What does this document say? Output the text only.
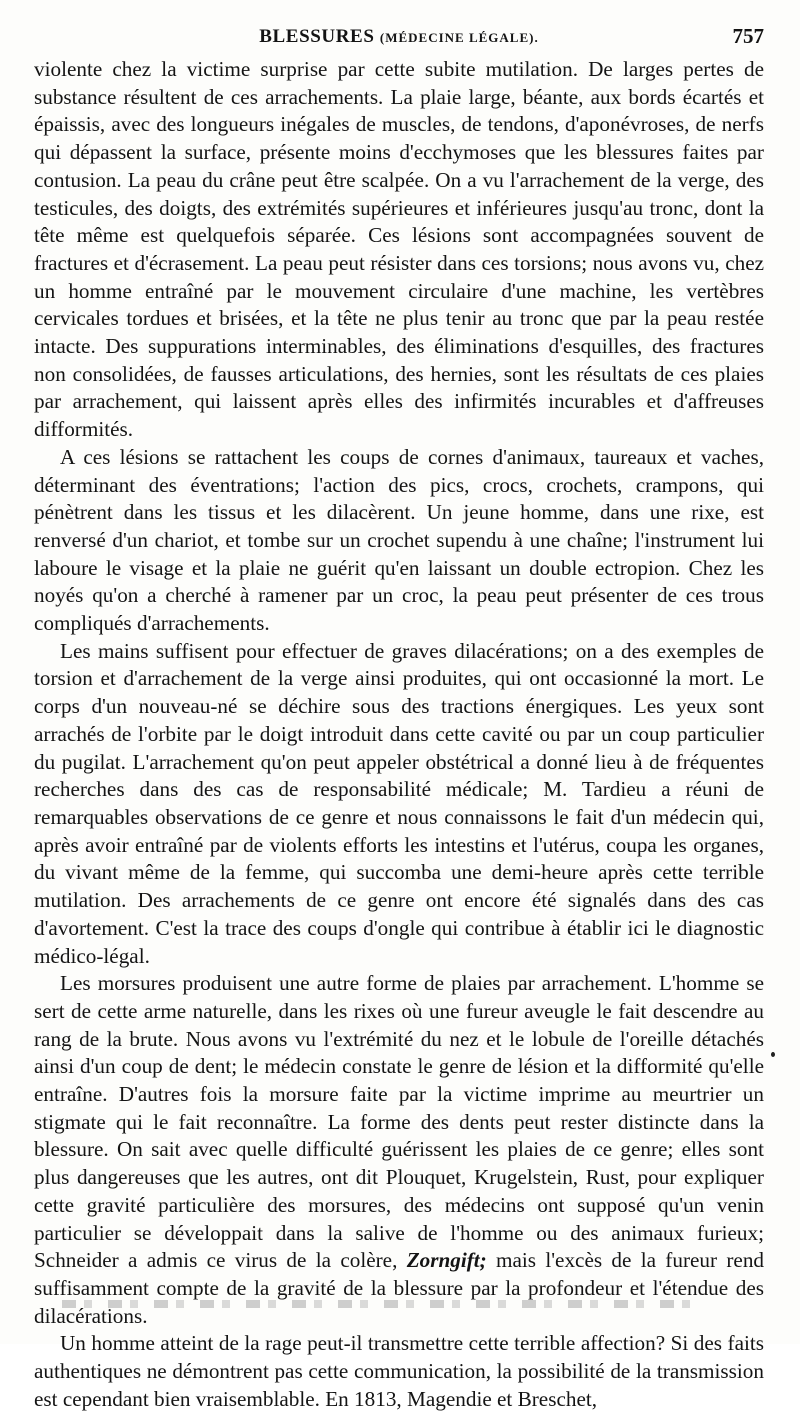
BLESSURES (MÉDECINE LÉGALE).	757

violente chez la victime surprise par cette subite mutilation. De larges pertes de substance résultent de ces arrachements. La plaie large, béante, aux bords écartés et épaissis, avec des longueurs inégales de muscles, de tendons, d'aponévroses, de nerfs qui dépassent la surface, présente moins d'ecchymoses que les blessures faites par contusion. La peau du crâne peut être scalpée. On a vu l'arrachement de la verge, des testicules, des doigts, des extrémités supérieures et inférieures jusqu'au tronc, dont la tête même est quelquefois séparée. Ces lésions sont accompagnées souvent de fractures et d'écrasement. La peau peut résister dans ces torsions; nous avons vu, chez un homme entraîné par le mouvement circulaire d'une machine, les vertèbres cervicales tordues et brisées, et la tête ne plus tenir au tronc que par la peau restée intacte. Des suppurations interminables, des éliminations d'esquilles, des fractures non consolidées, de fausses articulations, des hernies, sont les résultats de ces plaies par arrachement, qui laissent après elles des infirmités incurables et d'affreuses difformités.

A ces lésions se rattachent les coups de cornes d'animaux, taureaux et vaches, déterminant des éventrations; l'action des pics, crocs, crochets, crampons, qui pénètrent dans les tissus et les dilacèrent. Un jeune homme, dans une rixe, est renversé d'un chariot, et tombe sur un crochet supendu à une chaîne; l'instrument lui laboure le visage et la plaie ne guérit qu'en laissant un double ectropion. Chez les noyés qu'on a cherché à ramener par un croc, la peau peut présenter de ces trous compliqués d'arrachements.

Les mains suffisent pour effectuer de graves dilacérations; on a des exemples de torsion et d'arrachement de la verge ainsi produites, qui ont occasionné la mort. Le corps d'un nouveau-né se déchire sous des tractions énergiques. Les yeux sont arrachés de l'orbite par le doigt introduit dans cette cavité ou par un coup particulier du pugilat. L'arrachement qu'on peut appeler obstétrical a donné lieu à de fréquentes recherches dans des cas de responsabilité médicale; M. Tardieu a réuni de remarquables observations de ce genre et nous connaissons le fait d'un médecin qui, après avoir entraîné par de violents efforts les intestins et l'utérus, coupa les organes, du vivant même de la femme, qui succomba une demi-heure après cette terrible mutilation. Des arrachements de ce genre ont encore été signalés dans des cas d'avortement. C'est la trace des coups d'ongle qui contribue à établir ici le diagnostic médico-légal.

Les morsures produisent une autre forme de plaies par arrachement. L'homme se sert de cette arme naturelle, dans les rixes où une fureur aveugle le fait descendre au rang de la brute. Nous avons vu l'extrémité du nez et le lobule de l'oreille détachés ainsi d'un coup de dent; le médecin constate le genre de lésion et la difformité qu'elle entraîne. D'autres fois la morsure faite par la victime imprime au meurtrier un stigmate qui le fait reconnaître. La forme des dents peut rester distincte dans la blessure. On sait avec quelle difficulté guérissent les plaies de ce genre; elles sont plus dangereuses que les autres, ont dit Plouquet, Krugelstein, Rust, pour expliquer cette gravité particulière des morsures, des médecins ont supposé qu'un venin particulier se développait dans la salive de l'homme ou des animaux furieux; Schneider a admis ce virus de la colère, Zorngift; mais l'excès de la fureur rend suffisamment compte de la gravité de la blessure par la profondeur et l'étendue des dilacérations.

Un homme atteint de la rage peut-il transmettre cette terrible affection? Si des faits authentiques ne démontrent pas cette communication, la possibilité de la transmission est cependant bien vraisemblable. En 1813, Magendie et Breschet,
